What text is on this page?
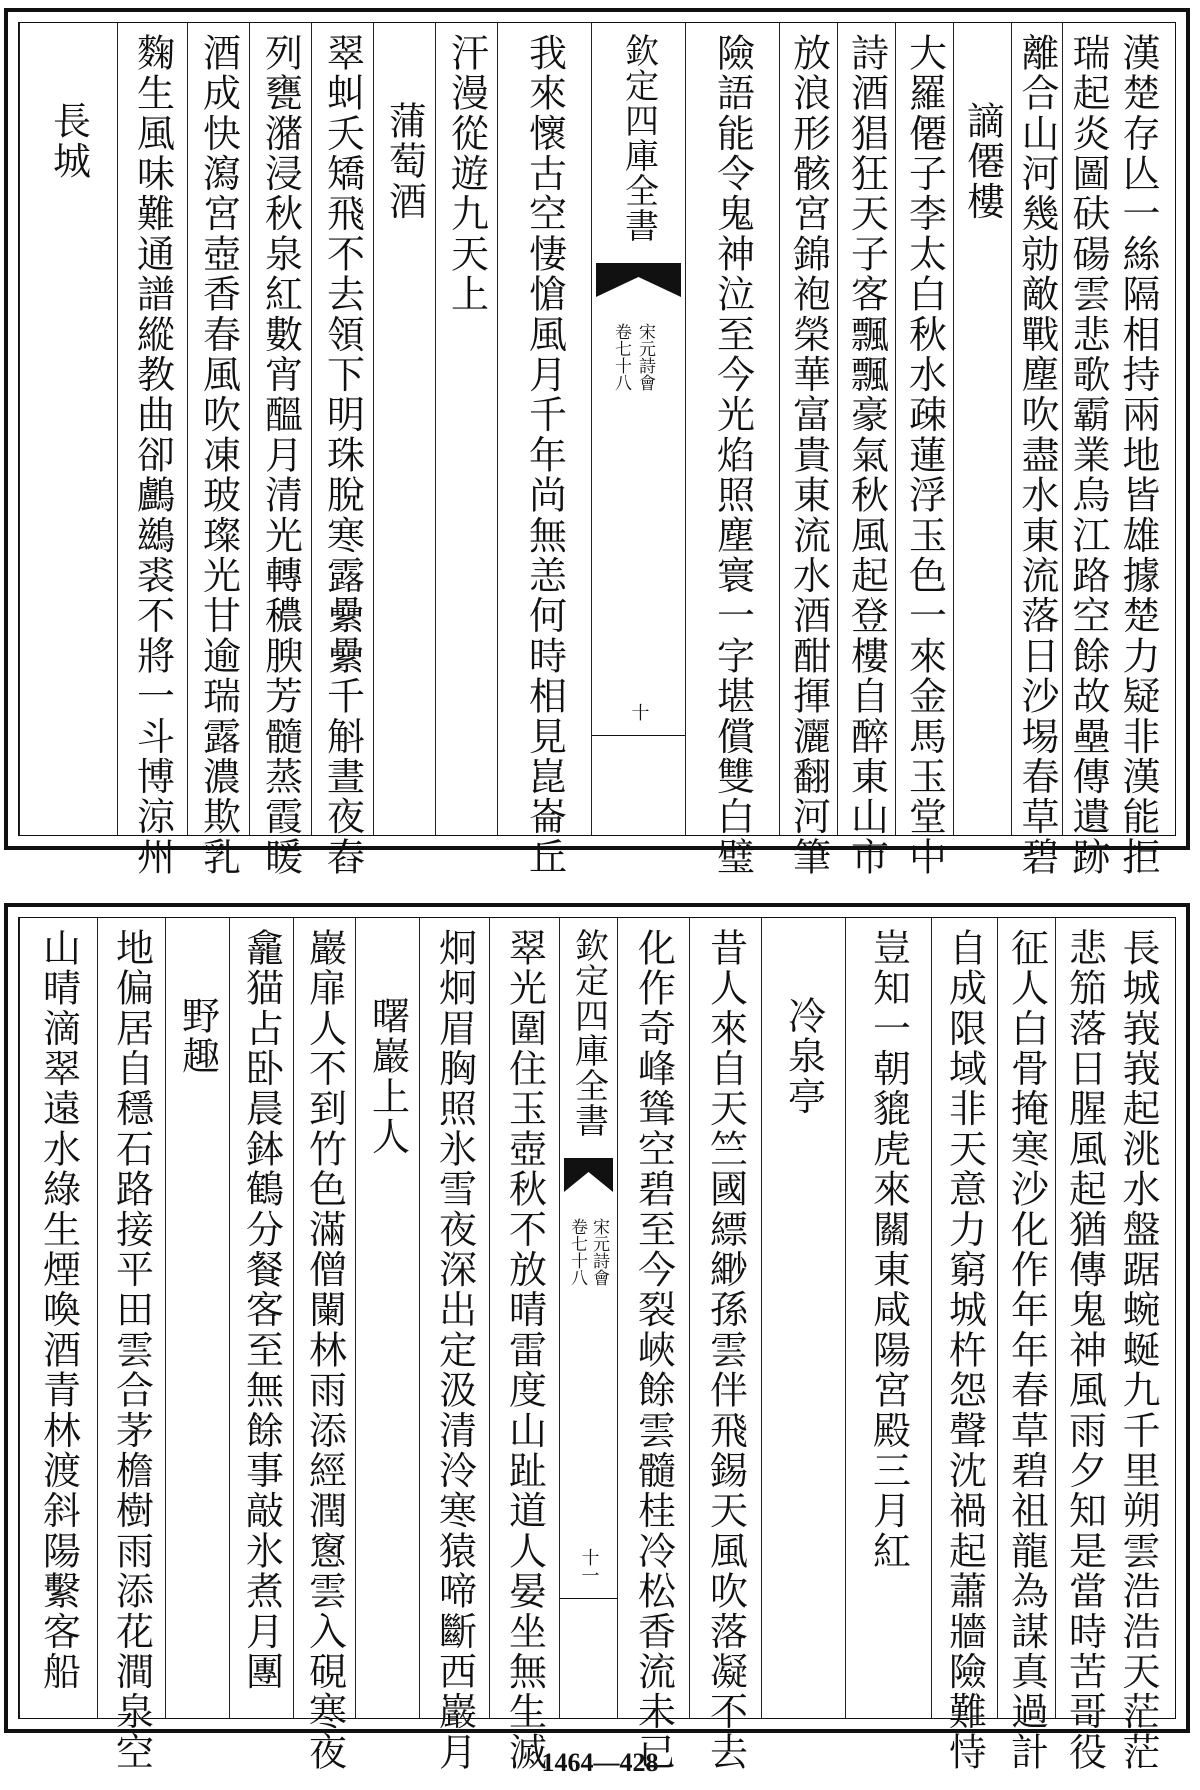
漢楚存亾一絲隔相持兩地皆雄據楚力疑非漢能拒
瑞起炎圖砆碭雲悲歌霸業烏江路空餘故壘傳遺跡
離合山河幾勍敵戰塵吹盡水東流落日沙埸春草碧
謫僊樓
大羅僊子李太白秋水疎蓮浮玉色一來金馬玉堂中
詩酒猖狂天子客飄飄豪氣秋風起登樓自醉東山市
放浪形骸宮錦袍榮華富貴東流水酒酣揮灑翻河筆
險語能令鬼神泣至今光焰照塵寰一字堪償雙白璧
欽定四庫全書
宋元詩會
卷七十八
十
我來懷古空悽愴風月千年尚無恙何時相見崑崙丘
汗漫從遊九天上
蒲萄酒
翠虯夭矯飛不去領下明珠脫寒露纍纍千斛晝夜舂
列甕潴浸秋泉紅數宵醞月清光轉穠腴芳髓蒸霞暖
酒成快瀉宮壺香春風吹凍玻璨光甘逾瑞露濃欺乳
麴生風味難通譜縱教曲卻鸕鷀裘不將一斗博涼州
長城
長城峩峩起洮水盤踞蜿蜒九千里朔雲浩浩天茫茫
悲笳落日腥風起猶傳鬼神風雨夕知是當時苦哥役
征人白骨掩寒沙化作年年春草碧祖龍為謀真過計
自成限域非天意力窮城杵怨聲沈禍起蕭牆險難恃
豈知一朝貔虎來關東咸陽宮殿三月紅
冷泉亭
昔人來自天竺國縹緲孫雲伴飛錫天風吹落凝不去
化作奇峰聳空碧至今裂峽餘雲髓桂冷松香流未已
欽定四庫全書
宋元詩會
卷七十八
十一
翠光圍住玉壺秋不放晴雷度山趾道人晏坐無生滅
炯炯眉胸照氷雪夜深出定汲清泠寒猿啼斷西巖月
曙巖上人
巖扉人不到竹色滿僧闌林雨添經潤窻雲入硯寒夜
龕猫占卧晨鉢鶴分餐客至無餘事敲氷煮月團
野趣
地偏居自穩石路接平田雲合茅檐樹雨添花澗泉空
山晴滴翠遠水綠生煙喚酒青林渡斜陽繫客船
1464—428
